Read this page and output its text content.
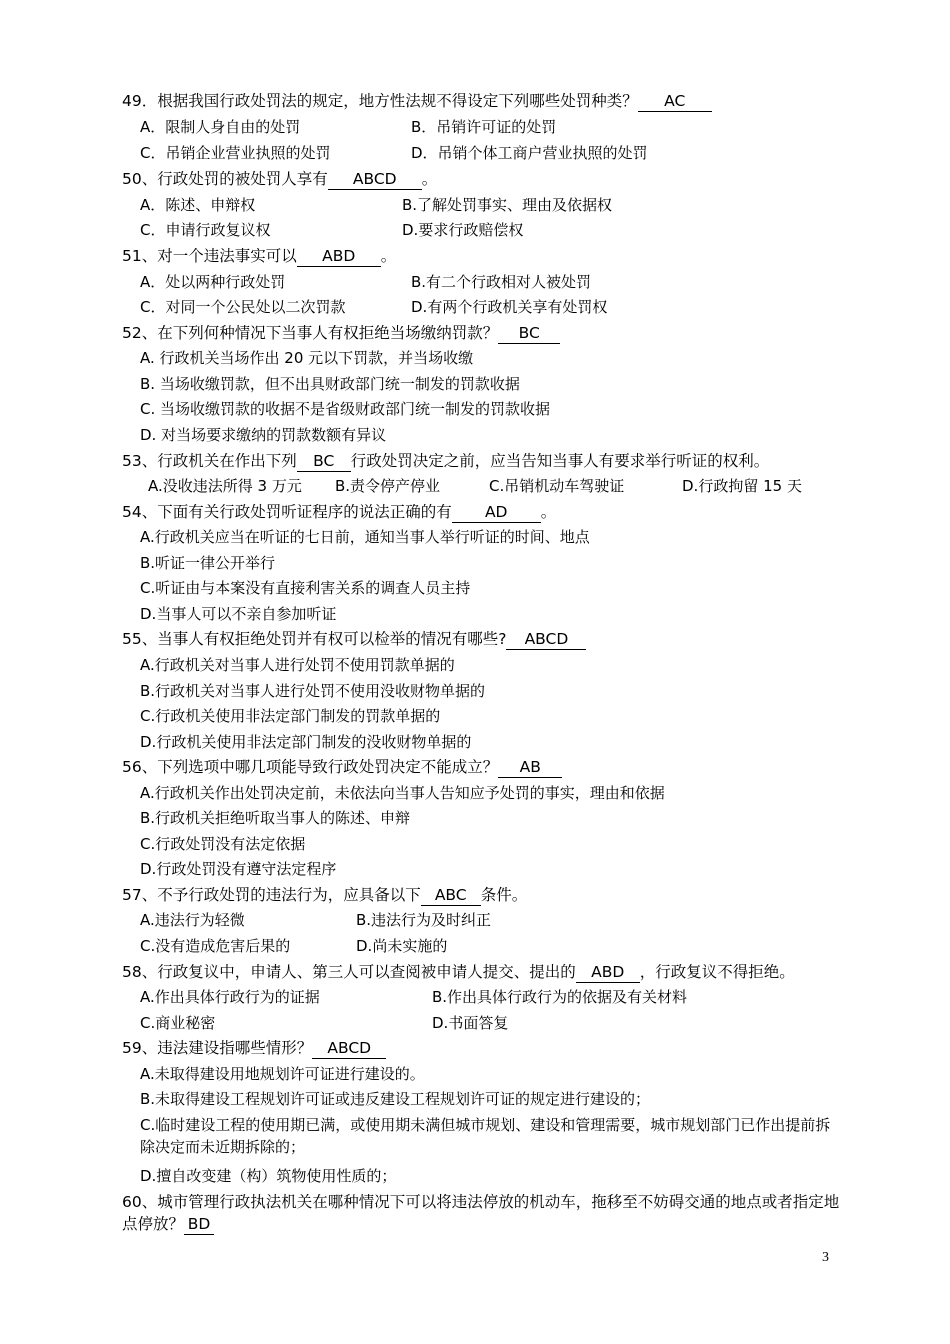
49．根据我国行政处罚法的规定，地方性法规不得设定下列哪些处罚种类？ AC
A．限制人身自由的处罚	B．吊销许可证的处罚
C．吊销企业营业执照的处罚	D．吊销个体工商户营业执照的处罚
50、行政处罚的被处罚人享有 ABCD 。
A．陈述、申辩权	B.了解处罚事实、理由及依据权
C．申请行政复议权	D.要求行政赔偿权
51、对一个违法事实可以 ABD 。
A．处以两种行政处罚	B.有二个行政相对人被处罚
C．对同一个公民处以二次罚款	D.有两个行政机关享有处罚权
52、在下列何种情况下当事人有权拒绝当场缴纳罚款？ BC
A. 行政机关当场作出 20 元以下罚款，并当场收缴
B. 当场收缴罚款，但不出具财政部门统一制发的罚款收据
C. 当场收缴罚款的收据不是省级财政部门统一制发的罚款收据
D. 对当场要求缴纳的罚款数额有异议
53、行政机关在作出下列 BC 行政处罚决定之前，应当告知当事人有要求举行听证的权利。
A.没收违法所得 3 万元 B.责令停产停业	C.吊销机动车驾驶证	D.行政拘留 15 天
54、下面有关行政处罚听证程序的说法正确的有 AD 。
A.行政机关应当在听证的七日前，通知当事人举行听证的时间、地点
B.听证一律公开举行
C.听证由与本案没有直接利害关系的调查人员主持
D.当事人可以不亲自参加听证
55、当事人有权拒绝处罚并有权可以检举的情况有哪些? ABCD
A.行政机关对当事人进行处罚不使用罚款单据的
B.行政机关对当事人进行处罚不使用没收财物单据的
C.行政机关使用非法定部门制发的罚款单据的
D.行政机关使用非法定部门制发的没收财物单据的
56、下列选项中哪几项能导致行政处罚决定不能成立？ AB
A.行政机关作出处罚决定前，未依法向当事人告知应予处罚的事实，理由和依据
B.行政机关拒绝听取当事人的陈述、申辩
C.行政处罚没有法定依据
D.行政处罚没有遵守法定程序
57、不予行政处罚的违法行为，应具备以下 ABC 条件。
A.违法行为轻微	B.违法行为及时纠正
C.没有造成危害后果的	D.尚未实施的
58、行政复议中，申请人、第三人可以查阅被申请人提交、提出的 ABD ，行政复议不得拒绝。
A.作出具体行政行为的证据	B.作出具体行政行为的依据及有关材料
C.商业秘密	D.书面答复
59、违法建设指哪些情形？ ABCD
A.未取得建设用地规划许可证进行建设的。
B.未取得建设工程规划许可证或违反建设工程规划许可证的规定进行建设的；
C.临时建设工程的使用期已满，或使用期未满但城市规划、建设和管理需要，城市规划部门已作出提前拆除决定而未近期拆除的；
D.擅自改变建（构）筑物使用性质的；
60、城市管理行政执法机关在哪种情况下可以将违法停放的机动车，拖移至不妨碍交通的地点或者指定地点停放？ BD
3
